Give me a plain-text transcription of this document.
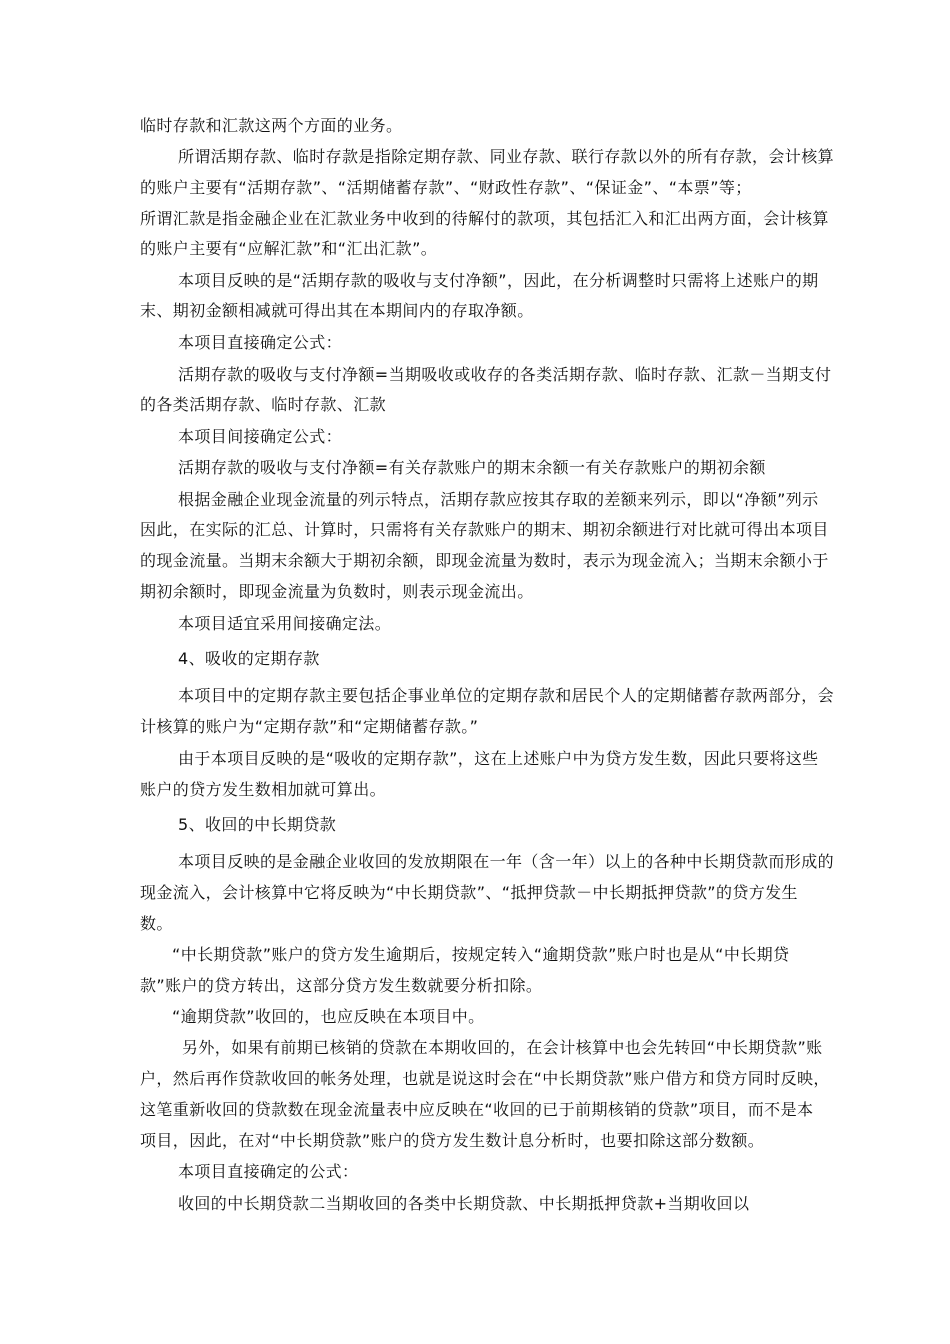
临时存款和汇款这两个方面的业务。

所谓活期存款、临时存款是指除定期存款、同业存款、联行存款以外的所有存款，会计核算

的账户主要有“活期存款”、“活期储蓄存款”、“财政性存款”、“保证金”、“本票”等；

所谓汇款是指金融企业在汇款业务中收到的待解付的款项，其包括汇入和汇出两方面，会计核算

的账户主要有“应解汇款”和“汇出汇款”。

本项目反映的是“活期存款的吸收与支付净额”，因此，在分析调整时只需将上述账户的期

末、期初金额相减就可得出其在本期间内的存取净额。

本项目直接确定公式：

活期存款的吸收与支付净额=当期吸收或收存的各类活期存款、临时存款、汇款－当期支付

的各类活期存款、临时存款、汇款

本项目间接确定公式：

活期存款的吸收与支付净额=有关存款账户的期末余额一有关存款账户的期初余额

根据金融企业现金流量的列示特点，活期存款应按其存取的差额来列示，即以“净额”列示

因此，在实际的汇总、计算时，只需将有关存款账户的期末、期初余额进行对比就可得出本项目

的现金流量。当期末余额大于期初余额，即现金流量为数时，表示为现金流入；当期末余额小于

期初余额时，即现金流量为负数时，则表示现金流出。

本项目适宜采用间接确定法。

4、吸收的定期存款

本项目中的定期存款主要包括企事业单位的定期存款和居民个人的定期储蓄存款两部分，会

计核算的账户为“定期存款”和“定期储蓄存款。”

由于本项目反映的是“吸收的定期存款”，这在上述账户中为贷方发生数，因此只要将这些

账户的贷方发生数相加就可算出。

5、收回的中长期贷款

本项目反映的是金融企业收回的发放期限在一年（含一年）以上的各种中长期贷款而形成的

现金流入，会计核算中它将反映为“中长期贷款”、“抵押贷款－中长期抵押贷款”的贷方发生

数。

“中长期贷款”账户的贷方发生逾期后，按规定转入“逾期贷款”账户时也是从“中长期贷

款”账户的贷方转出，这部分贷方发生数就要分析扣除。

“逾期贷款”收回的，也应反映在本项目中。

另外，如果有前期已核销的贷款在本期收回的，在会计核算中也会先转回“中长期贷款”账

户，然后再作贷款收回的帐务处理，也就是说这时会在“中长期贷款”账户借方和贷方同时反映，

这笔重新收回的贷款数在现金流量表中应反映在“收回的已于前期核销的贷款”项目，而不是本

项目，因此，在对“中长期贷款”账户的贷方发生数计息分析时，也要扣除这部分数额。

本项目直接确定的公式：

收回的中长期贷款二当期收回的各类中长期贷款、中长期抵押贷款+当期收回以
